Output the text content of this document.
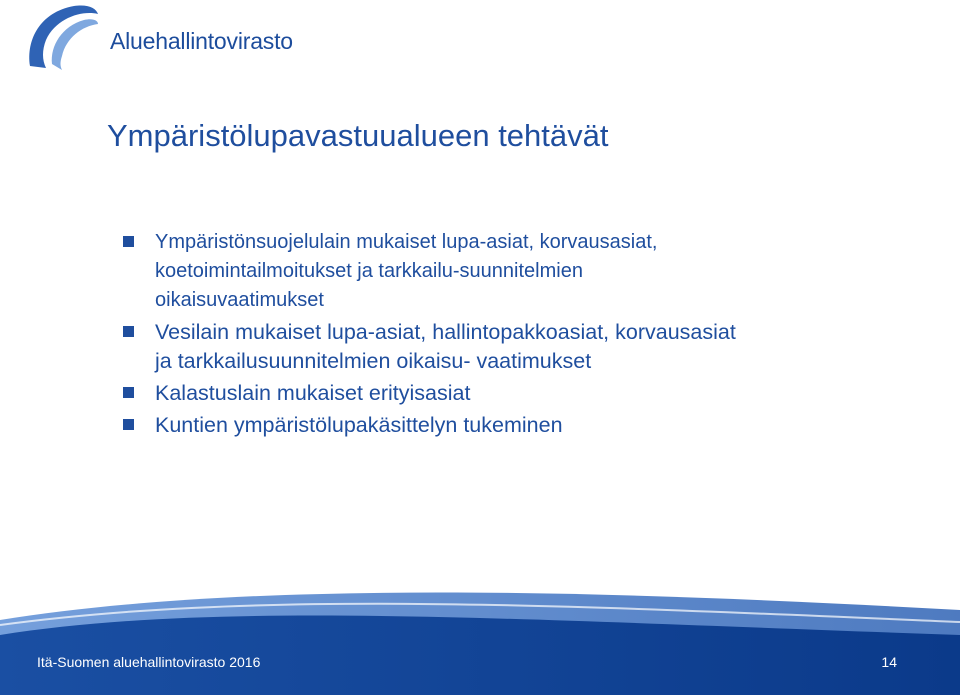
Aluehallintovirasto
Ympäristölupavastuualueen tehtävät
Ympäristönsuojelulain mukaiset lupa-asiat, korvausasiat,
koetoimintailmoitukset ja tarkkailu-suunnitelmien
oikaisuvaatimukset
Vesilain mukaiset lupa-asiat, hallintopakkoasiat, korvausasiat
ja tarkkailusuunnitelmien oikaisu- vaatimukset
Kalastuslain mukaiset erityisasiat
Kuntien ympäristölupakäsittelyn tukeminen
Itä-Suomen aluehallintovirasto 2016	14
